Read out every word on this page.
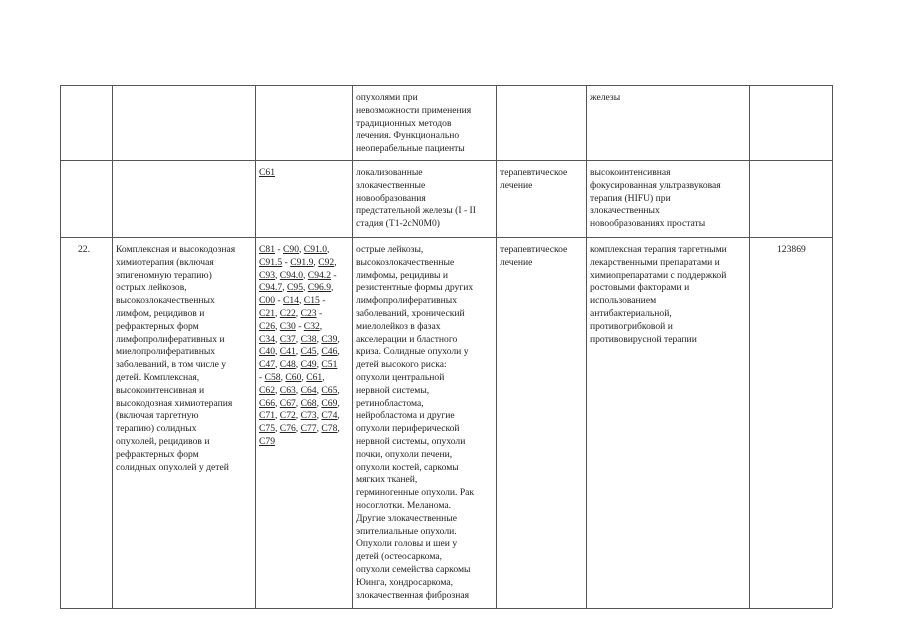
опухолями при
невозможности применения
традиционных методов
лечения. Функционально
неоперабельные пациенты
железы
C61	локализованные
злокачественные
новообразования
предстательной железы (I - II
стадия (T1-2cN0M0)
терапевтическое
лечение
высокоинтенсивная
фокусированная ультразвуковая
терапия (HIFU) при
злокачественных
новообразованиях простаты
22.	Комплексная и высокодозная
химиотерапия (включая
эпигеномную терапию)
острых лейкозов,
высокозлокачественных
лимфом, рецидивов и
рефрактерных форм
лимфопролиферативных и
миелопролиферативных
заболеваний, в том числе у
детей. Комплексная,
высокоинтенсивная и
высокодозная химиотерапия
(включая таргетную
терапию) солидных
опухолей, рецидивов и
рефрактерных форм
солидных опухолей у детей
C81 - C90, C91.0,
C91.5 - C91.9, C92,
C93, C94.0, C94.2 -
C94.7, C95, C96.9,
C00 - C14, C15 -
C21, C22, C23 -
C26, C30 - C32,
C34, C37, C38, C39,
C40, C41, C45, C46,
C47, C48, C49, C51
- C58, C60, C61,
C62, C63, C64, C65,
C66, C67, C68, C69,
C71, C72, C73, C74,
C75, C76, C77, C78,
C79
острые лейкозы,
высокозлокачественные
лимфомы, рецидивы и
резистентные формы других
лимфопролиферативных
заболеваний, хронический
миелолейкоз в фазах
акселерации и бластного
криза. Солидные опухоли у
детей высокого риска:
опухоли центральной
нервной системы,
ретинобластома,
нейробластома и другие
опухоли периферической
нервной системы, опухоли
почки, опухоли печени,
опухоли костей, саркомы
мягких тканей,
герминогенные опухоли. Рак
носоглотки. Меланома.
Другие злокачественные
эпителиальные опухоли.
Опухоли головы и шеи у
детей (остеосаркома,
опухоли семейства саркомы
Юинга, хондросаркома,
злокачественная фиброзная
терапевтическое
лечение
комплексная терапия таргетными
лекарственными препаратами и
химиопрепаратами с поддержкой
ростовыми факторами и
использованием
антибактериальной,
противогрибковой и
противовирусной терапии
123869
